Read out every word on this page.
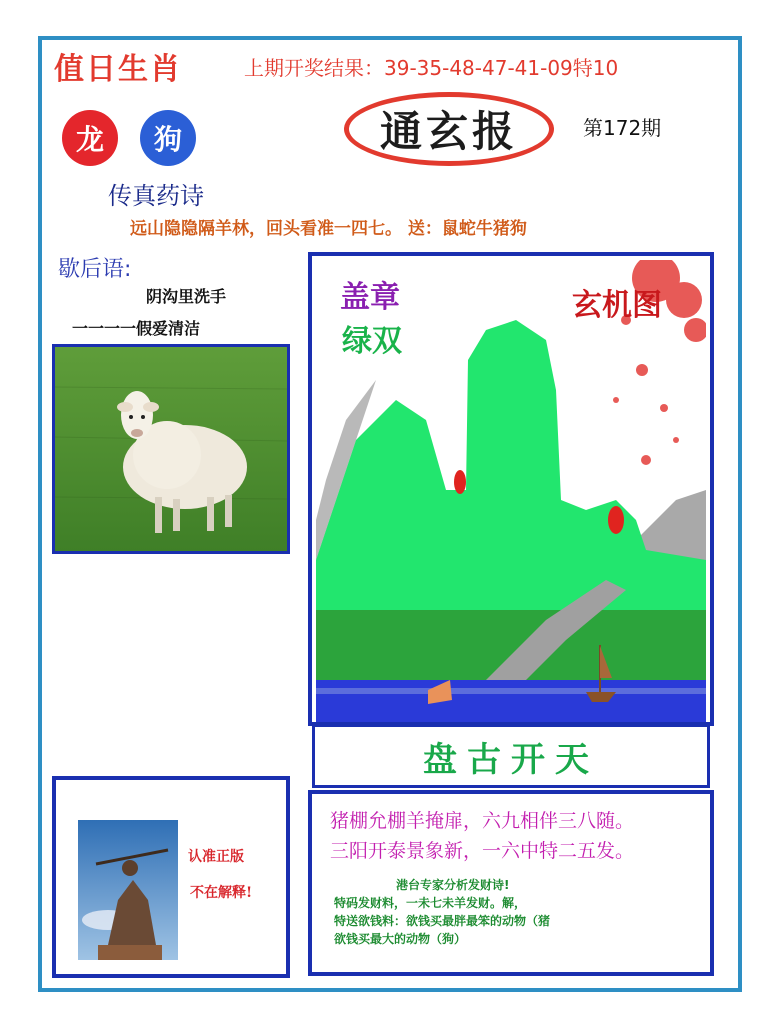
值日生肖	上期开奖结果：39-35-48-47-41-09特10
龙	狗	通玄报	第172期
传真药诗
远山隐隐隔羊林，回头看准一四七。 送：鼠蛇牛猪狗
歇后语:
阴沟里洗手
一一一一假爱清洁
认准正版
不在解释!
盖章
绿双
玄机图
盘古开天
猪棚允棚羊掩扉，六九相伴三八随。
三阳开泰景象新，一六中特二五发。
港台专家分析发财诗!
特码发财料，一未七未羊发财。解，
特送欲钱料：欲钱买最胖最笨的动物（猪
欲钱买最大的动物（狗）
